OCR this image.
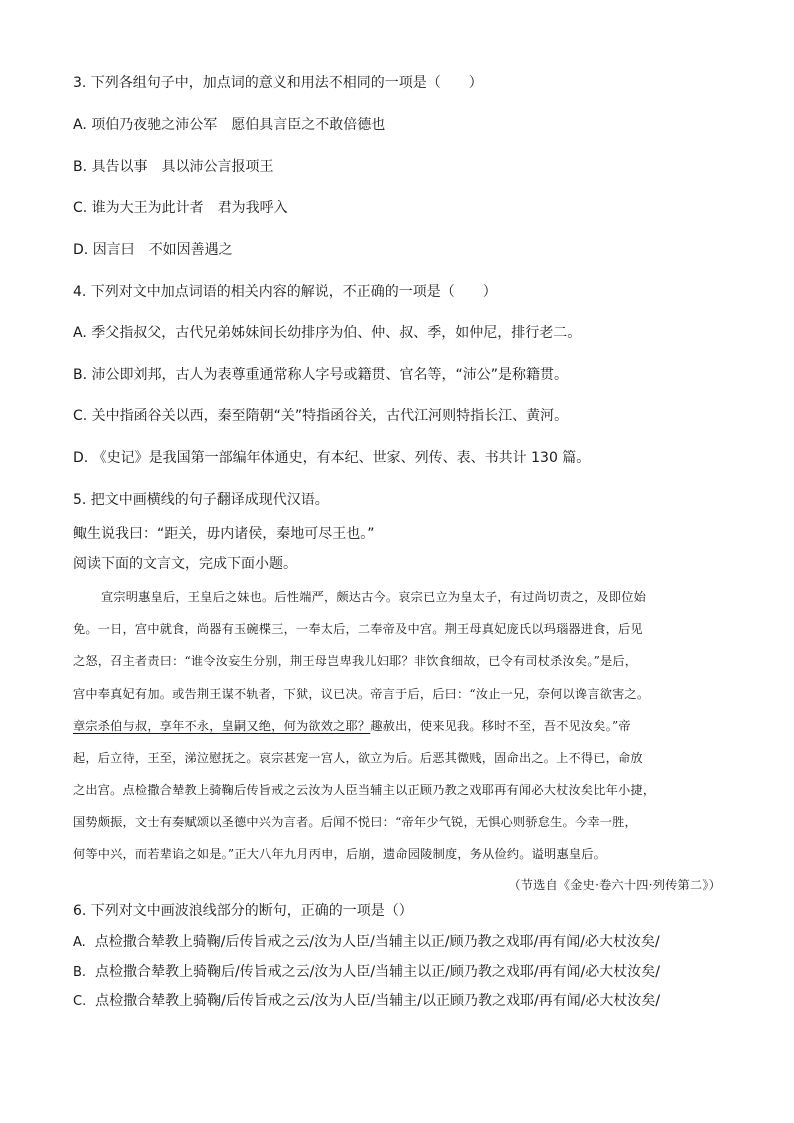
3. 下列各组句子中，加点词的意义和用法不相同的一项是（　　）
A. 项伯乃夜驰之沛公军 愿伯具言臣之不敢倍德也
B. 具告以事 具以沛公言报项王
C. 谁为大王为此计者 君为我呼入
D. 因言曰 不如因善遇之
4. 下列对文中加点词语的相关内容的解说，不正确的一项是（　　）
A. 季父指叔父，古代兄弟姊妹间长幼排序为伯、仲、叔、季，如仲尼，排行老二。
B. 沛公即刘邦，古人为表尊重通常称人字号或籍贯、官名等，“沛公”是称籍贯。
C. 关中指函谷关以西，秦至隋朝“关”特指函谷关，古代江河则特指长江、黄河。
D. 《史记》是我国第一部编年体通史，有本纪、世家、列传、表、书共计 130 篇。
5. 把文中画横线的句子翻译成现代汉语。
鲰生说我曰：“距关，毋内诸侯，秦地可尽王也。”
阅读下面的文言文，完成下面小题。
宣宗明惠皇后，王皇后之妹也。后性端严，颇达古今。哀宗已立为皇太子，有过尚切责之，及即位始
免。一日，宫中就食，尚器有玉碗楪三，一奉太后，二奉帝及中宫。荆王母真妃庞氏以玛瑙器进食，后见
之怒，召主者责曰：“谁令汝妄生分别，荆王母岂卑我儿妇耶？非饮食细故，已令有司杖杀汝矣。”是后，
宫中奉真妃有加。或告荆王谋不轨者，下狱，议已决。帝言于后，后曰：“汝止一兄，奈何以谗言欲害之。
章宗杀伯与叔，享年不永，皇嗣又绝，何为欲效之耶？趣赦出，使来见我。移时不至，吾不见汝矣。”帝
起，后立待，王至，涕泣慰抚之。哀宗甚宠一宫人，欲立为后。后恶其微贱，固命出之。上不得已，命放
之出宫。点检撒合辇教上骑鞠后传旨戒之云汝为人臣当辅主以正顾乃教之戏耶再有闻必大杖汝矣比年小捷，
国势颇振，文士有奏赋颂以圣德中兴为言者。后闻不悦曰：“帝年少气锐，无惧心则骄怠生。今幸一胜，
何等中兴，而若辈谄之如是。”正大八年九月丙申，后崩，遗命园陵制度，务从俭约。谥明惠皇后。
（节选自《金史·卷六十四·列传第二》）
6. 下列对文中画波浪线部分的断句，正确的一项是（）
A. 点检撒合辇教上骑鞠/后传旨戒之云/汝为人臣/当辅主以正/顾乃教之戏耶/再有闻/必大杖汝矣/
B. 点检撒合辇教上骑鞠后/传旨戒之云/汝为人臣/当辅主以正/顾乃教之戏耶/再有闻/必大杖汝矣/
C. 点检撒合辇教上骑鞠/后传旨戒之云/汝为人臣/当辅主/以正顾乃教之戏耶/再有闻/必大杖汝矣/
